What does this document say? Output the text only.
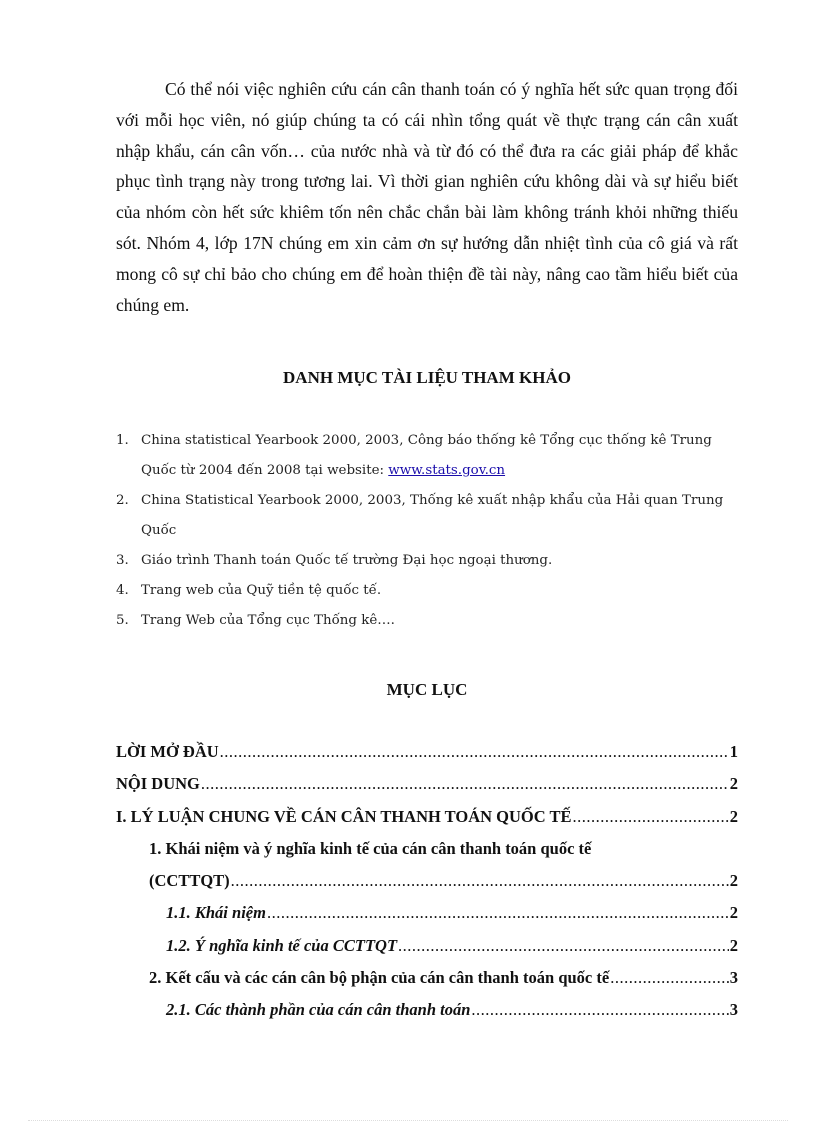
Có thể nói việc nghiên cứu cán cân thanh toán có ý nghĩa hết sức quan trọng đối với mỗi học viên, nó giúp chúng ta có cái nhìn tổng quát về thực trạng cán cân xuất nhập khẩu, cán cân vốn… của nước nhà và từ đó có thể đưa ra các giải pháp để khắc phục tình trạng này trong tương lai. Vì thời gian nghiên cứu không dài và sự hiểu biết của nhóm còn hết sức khiêm tốn nên chắc chắn bài làm không tránh khỏi những thiếu sót. Nhóm 4, lớp 17N chúng em xin cảm ơn sự hướng dẫn nhiệt tình của cô giá và rất mong cô sự chỉ bảo cho chúng em để hoàn thiện đề tài này, nâng cao tầm hiểu biết của chúng em.

DANH MỤC TÀI LIỆU THAM KHẢO
1. China statistical Yearbook 2000, 2003, Công báo thống kê Tổng cục thống kê Trung Quốc từ 2004 đến 2008 tại website: www.stats.gov.cn
2. China Statistical Yearbook 2000, 2003, Thống kê xuất nhập khẩu của Hải quan Trung Quốc
3. Giáo trình Thanh toán Quốc tế trường Đại học ngoại thương.
4. Trang web của Quỹ tiền tệ quốc tế.
5. Trang Web của Tổng cục Thống kê….
MỤC LỤC
LỜI MỞ ĐẦU .....	1
NỘI DUNG .....	2
I. LÝ LUẬN CHUNG VỀ CÁN CÂN THANH TOÁN QUỐC TẾ .....	2
1. Khái niệm và ý nghĩa kinh tế của cán cân thanh toán quốc tế
(CCTTQT) .....	2
1.1. Khái niệm .....	2
1.2. Ý nghĩa kinh tế của CCTTQT .....	2
2. Kết cấu và các cán cân bộ phận của cán cân thanh toán quốc tế .....	3
2.1. Các thành phần của cán cân thanh toán .....	3
